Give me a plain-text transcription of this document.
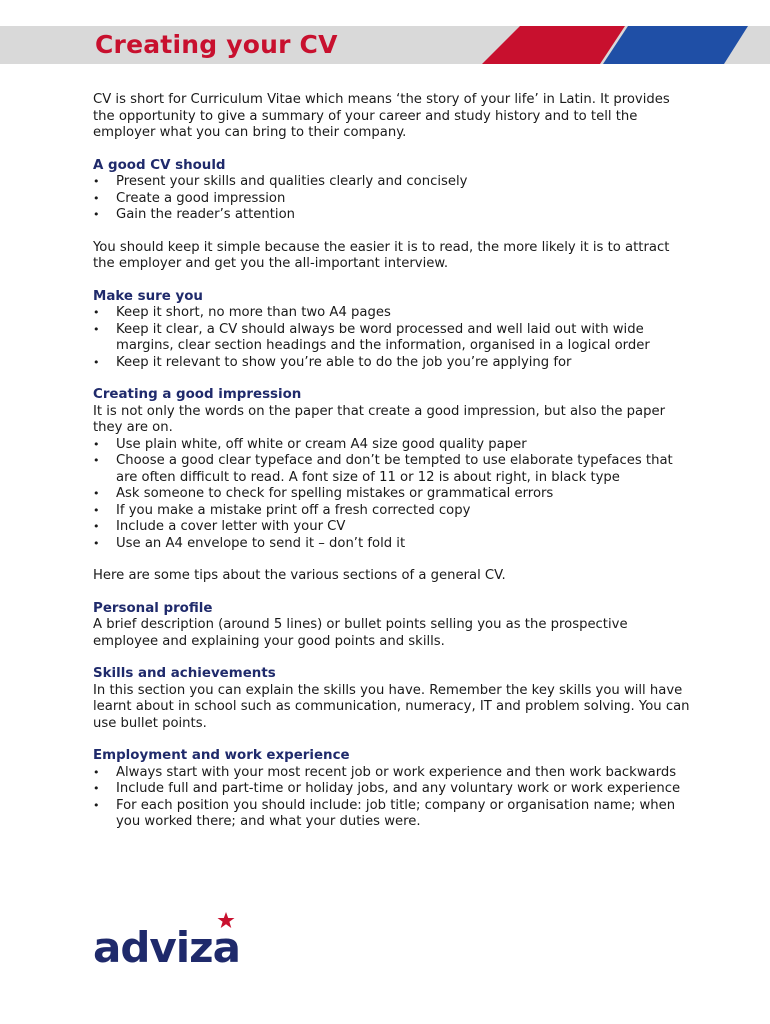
Creating your CV

CV is short for Curriculum Vitae which means ‘the story of your life’ in Latin. It provides the opportunity to give a summary of your career and study history and to tell the employer what you can bring to their company.

A good CV should
• Present your skills and qualities clearly and concisely
• Create a good impression
• Gain the reader’s attention

You should keep it simple because the easier it is to read, the more likely it is to attract the employer and get you the all-important interview.

Make sure you
• Keep it short, no more than two A4 pages
• Keep it clear, a CV should always be word processed and well laid out with wide margins, clear section headings and the information, organised in a logical order
• Keep it relevant to show you’re able to do the job you’re applying for
Creating a good impression

It is not only the words on the paper that create a good impression, but also the paper they are on.

• Use plain white, off white or cream A4 size good quality paper
• Choose a good clear typeface and don’t be tempted to use elaborate typefaces that are often difficult to read. A font size of 11 or 12 is about right, in black type
• Ask someone to check for spelling mistakes or grammatical errors
• If you make a mistake print off a fresh corrected copy
• Include a cover letter with your CV
• Use an A4 envelope to send it – don’t fold it

Here are some tips about the various sections of a general CV.

Personal profile

A brief description (around 5 lines) or bullet points selling you as the prospective employee and explaining your good points and skills.

Skills and achievements

In this section you can explain the skills you have. Remember the key skills you will have learnt about in school such as communication, numeracy, IT and problem solving. You can use bullet points.

Employment and work experience
• Always start with your most recent job or work experience and then work backwards
• Include full and part-time or holiday jobs, and any voluntary work or work experience
• For each position you should include: job title; company or organisation name; when you worked there; and what your duties were.
adviza
